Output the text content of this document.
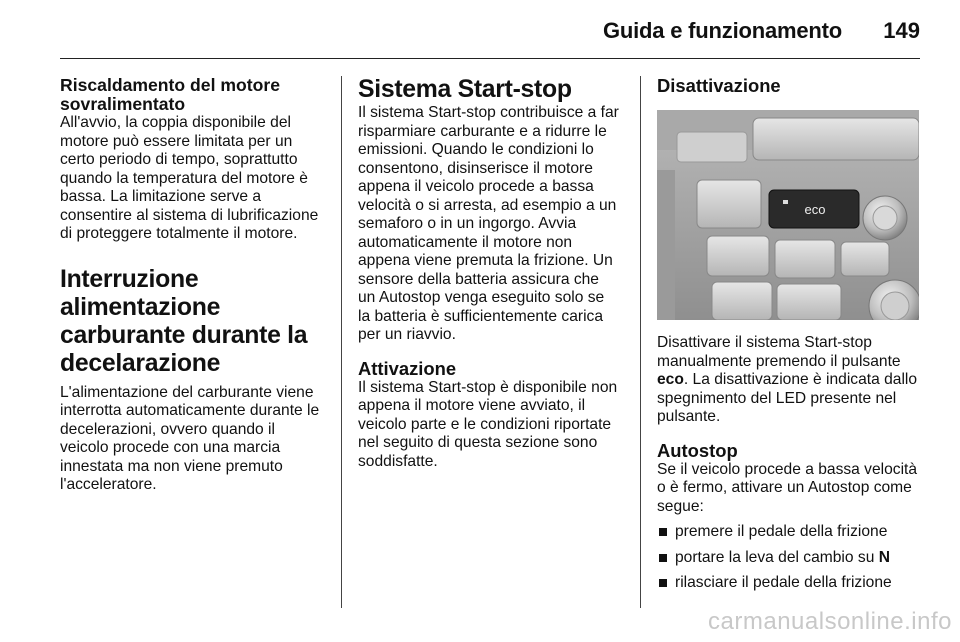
Guida e funzionamento 149
Riscaldamento del motore sovralimentato

All'avvio, la coppia disponibile del motore può essere limitata per un certo periodo di tempo, soprattutto quando la temperatura del motore è bassa. La limitazione serve a consentire al sistema di lubrificazione di proteggere totalmente il motore.

Interruzione alimentazione carburante durante la decelarazione

L'alimentazione del carburante viene interrotta automaticamente durante le decelerazioni, ovvero quando il veicolo procede con una marcia innestata ma non viene premuto l'acceleratore.

Sistema Start-stop

Il sistema Start-stop contribuisce a far risparmiare carburante e a ridurre le emissioni. Quando le condizioni lo consentono, disinserisce il motore appena il veicolo procede a bassa velocità o si arresta, ad esempio a un semaforo o in un ingorgo. Avvia automaticamente il motore non appena viene premuta la frizione. Un sensore della batteria assicura che un Autostop venga eseguito solo se la batteria è sufficientemente carica per un riavvio.

Attivazione

Il sistema Start-stop è disponibile non appena il motore viene avviato, il veicolo parte e le condizioni riportate nel seguito di questa sezione sono soddisfatte.

Disattivazione
eco

Disattivare il sistema Start-stop manualmente premendo il pulsante eco. La disattivazione è indicata dallo spegnimento del LED presente nel pulsante.

Autostop

Se il veicolo procede a bassa velocità o è fermo, attivare un Autostop come segue:

premere il pedale della frizione
portare la leva del cambio su N
rilasciare il pedale della frizione
carmanualsonline.info
